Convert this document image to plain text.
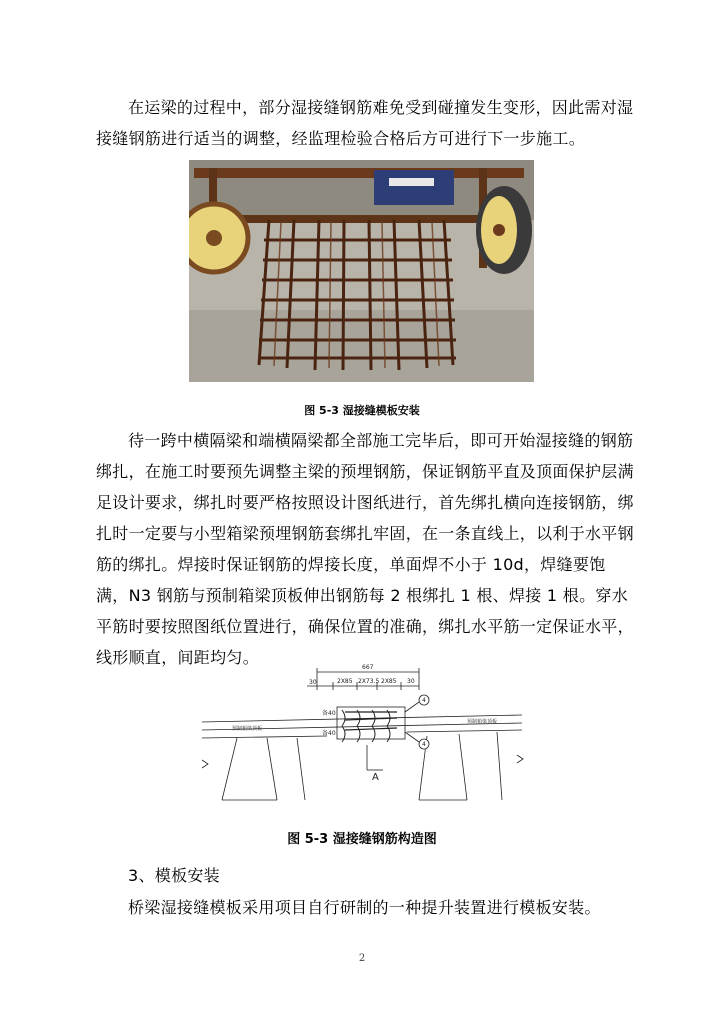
在运梁的过程中，部分湿接缝钢筋难免受到碰撞发生变形，因此需对湿接缝钢筋进行适当的调整，经监理检验合格后方可进行下一步施工。

图 5-3 湿接缝模板安装

待一跨中横隔梁和端横隔梁都全部施工完毕后，即可开始湿接缝的钢筋绑扎，在施工时要预先调整主梁的预埋钢筋，保证钢筋平直及顶面保护层满足设计要求，绑扎时要严格按照设计图纸进行，首先绑扎横向连接钢筋，绑扎时一定要与小型箱梁预埋钢筋套绑扎牢固，在一条直线上，以利于水平钢筋的绑扎。焊接时保证钢筋的焊接长度，单面焊不小于 10d，焊缝要饱满，N3 钢筋与预制箱梁顶板伸出钢筋每 2 根绑扎 1 根、焊接 1 根。穿水平筋时要按照图纸位置进行，确保位置的准确，绑扎水平筋一定保证水平，线形顺直，间距均匀。

667
30	2X85 2X73.5 2X85 30
备40
备40
4
4
A
预制箱梁顶板
预制箱梁顶板
图 5-3 湿接缝钢筋构造图

3、模板安装

桥梁湿接缝模板采用项目自行研制的一种提升装置进行模板安装。

2
